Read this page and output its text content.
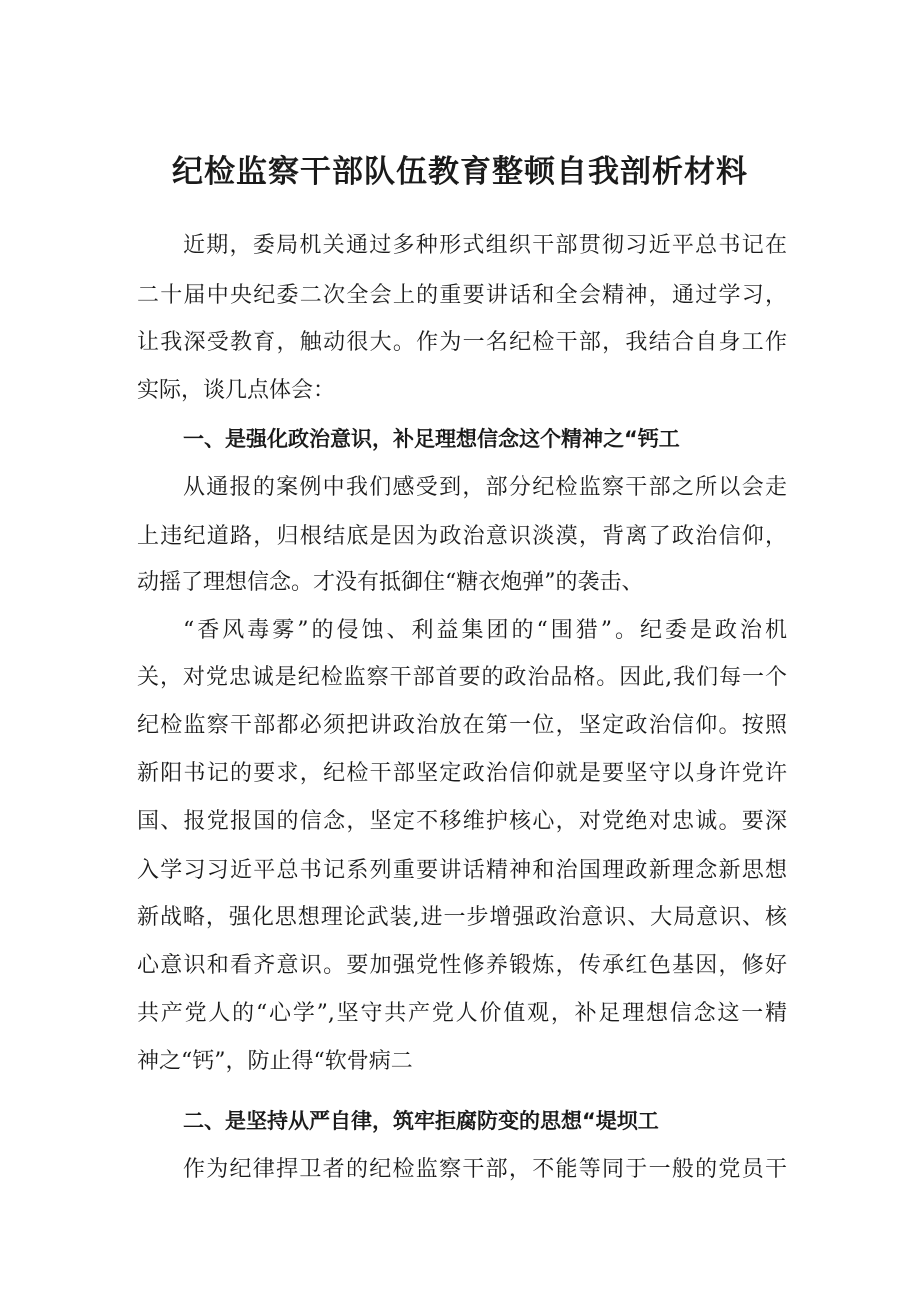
纪检监察干部队伍教育整顿自我剖析材料
近期，委局机关通过多种形式组织干部贯彻习近平总书记在
二十届中央纪委二次全会上的重要讲话和全会精神，通过学习，
让我深受教育，触动很大。作为一名纪检干部，我结合自身工作
实际，谈几点体会：
一、是强化政治意识，补足理想信念这个精神之“钙工
从通报的案例中我们感受到，部分纪检监察干部之所以会走
上违纪道路，归根结底是因为政治意识淡漠，背离了政治信仰，
动摇了理想信念。才没有抵御住“糖衣炮弹”的袭击、
“香风毒雾”的侵蚀、利益集团的“围猎”。纪委是政治机
关，对党忠诚是纪检监察干部首要的政治品格。因此,我们每一个
纪检监察干部都必须把讲政治放在第一位，坚定政治信仰。按照
新阳书记的要求，纪检干部坚定政治信仰就是要坚守以身许党许
国、报党报国的信念，坚定不移维护核心，对党绝对忠诚。要深
入学习习近平总书记系列重要讲话精神和治国理政新理念新思想
新战略，强化思想理论武装,进一步增强政治意识、大局意识、核
心意识和看齐意识。要加强党性修养锻炼，传承红色基因，修好
共产党人的“心学”,坚守共产党人价值观，补足理想信念这一精
神之“钙”，防止得“软骨病二
二、是坚持从严自律，筑牢拒腐防变的思想“堤坝工
作为纪律捍卫者的纪检监察干部，不能等同于一般的党员干
